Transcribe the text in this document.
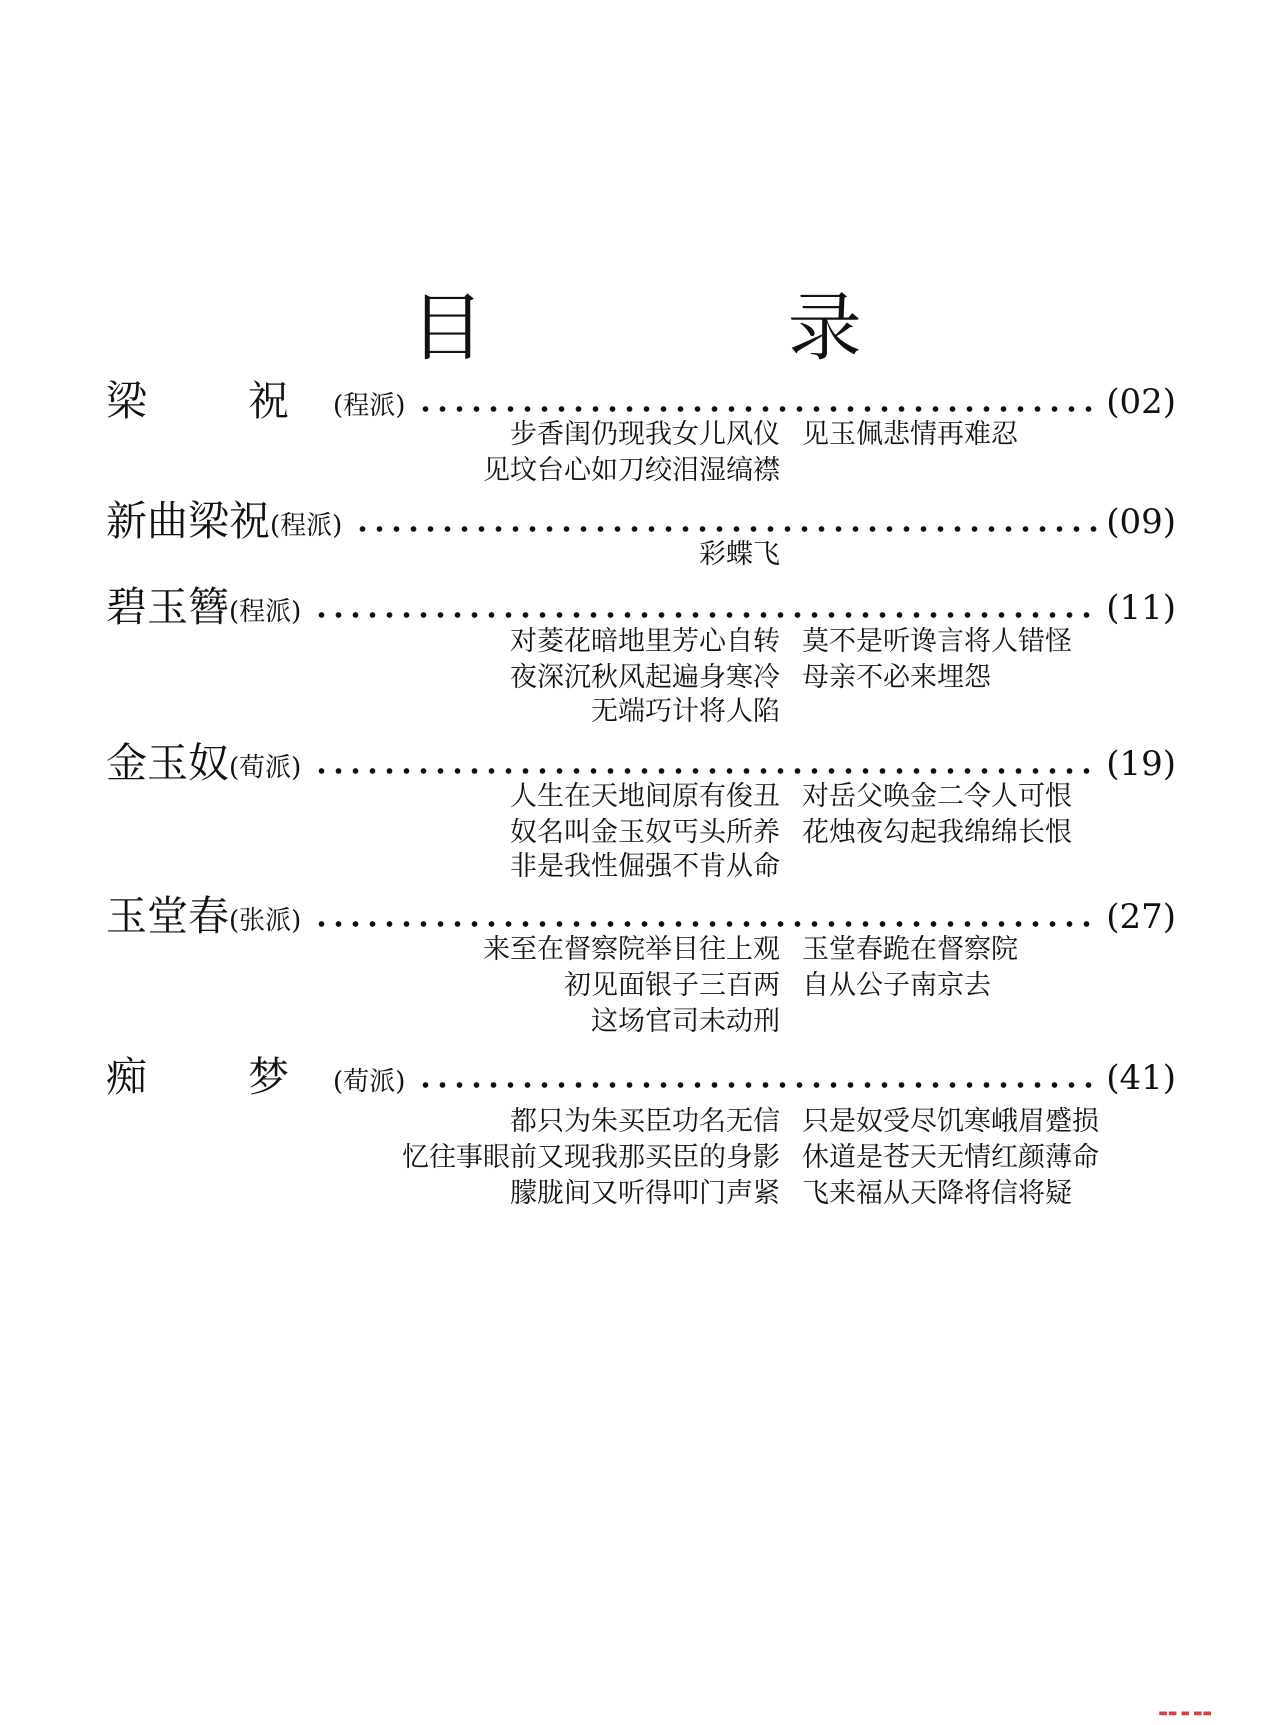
目 录
梁 祝 (程派)	(02)
步香闺仍现我女儿风仪 见玉佩悲情再难忍
见坟台心如刀绞泪湿缟襟
新曲梁祝 (程派)	(09)
彩蝶飞
碧玉簪 (程派)	(11)
对菱花暗地里芳心自转 莫不是听谗言将人错怪
夜深沉秋风起遍身寒冷 母亲不必来埋怨
无端巧计将人陷
金玉奴 (荀派)	(19)
人生在天地间原有俊丑 对岳父唤金二令人可恨
奴名叫金玉奴丐头所养 花烛夜勾起我绵绵长恨
非是我性倔强不肯从命
玉堂春 (张派)	(27)
来至在督察院举目往上观 玉堂春跪在督察院
初见面银子三百两 自从公子南京去
这场官司未动刑
痴 梦 (荀派)	(41)
都只为朱买臣功名无信 只是奴受尽饥寒峨眉蹙损
忆往事眼前又现我那买臣的身影 休道是苍天无情红颜薄命
朦胧间又听得叩门声紧 飞来福从天降将信将疑
▬▬ ▬ ▬▬
